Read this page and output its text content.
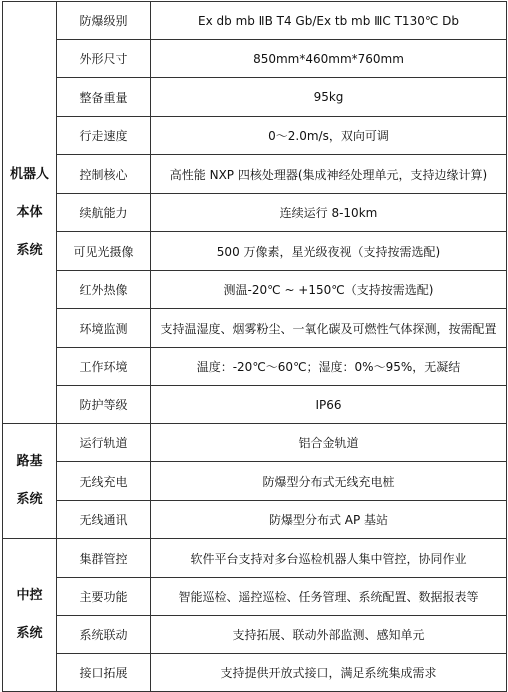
机器人
本体
系统	防爆级别	Ex db mb ⅡB T4 Gb/Ex tb mb ⅢC T130℃ Db
	外形尺寸	850mm*460mm*760mm
	整备重量	95kg
	行走速度	0～2.0m/s，双向可调
	控制核心	高性能 NXP 四核处理器(集成神经处理单元，支持边缘计算)
	续航能力	连续运行 8-10km
	可见光摄像	500 万像素，星光级夜视（支持按需选配)
	红外热像	测温-20℃ ~ +150℃（支持按需选配)
	环境监测	支持温湿度、烟雾粉尘、一氧化碳及可燃性气体探测，按需配置
	工作环境	温度：-20℃～60℃；湿度：0%～95%，无凝结
	防护等级	IP66

路基
系统	运行轨道	铝合金轨道
	无线充电	防爆型分布式无线充电桩
	无线通讯	防爆型分布式 AP 基站

中控
系统	集群管控	软件平台支持对多台巡检机器人集中管控，协同作业
	主要功能	智能巡检、遥控巡检、任务管理、系统配置、数据报表等
	系统联动	支持拓展、联动外部监测、感知单元
	接口拓展	支持提供开放式接口，满足系统集成需求
